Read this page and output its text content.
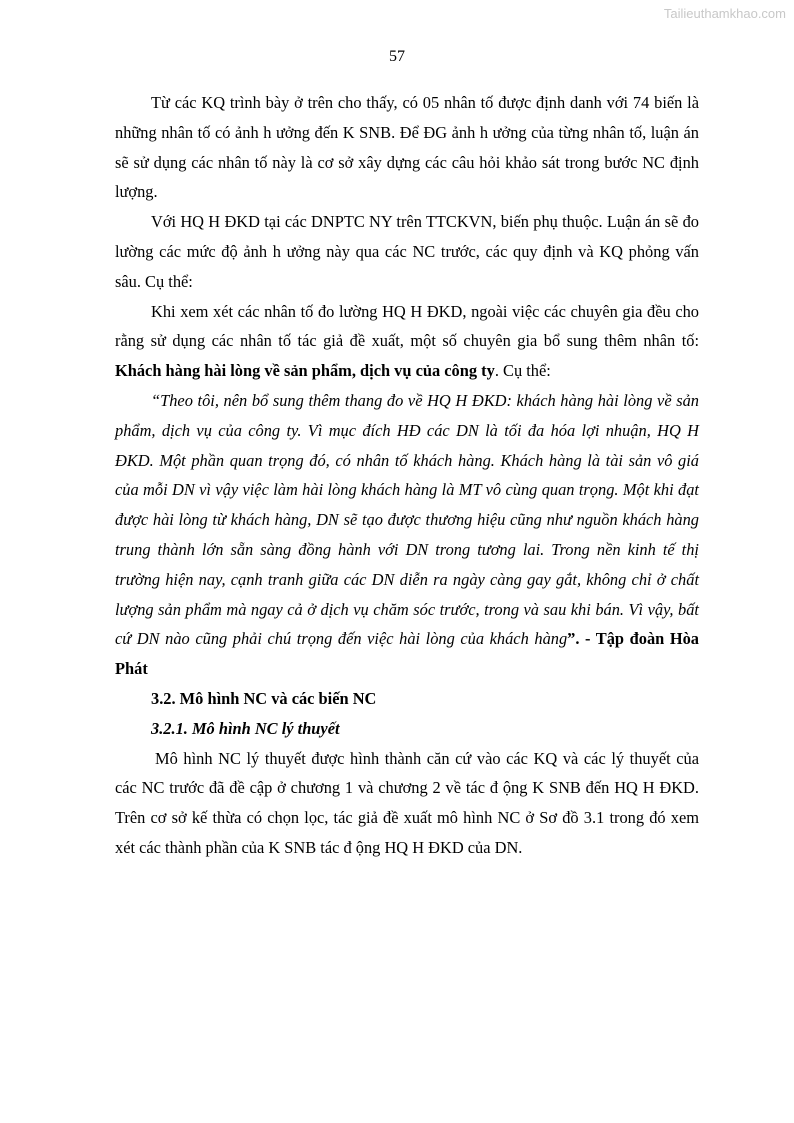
Tailieuthamkhao.com
57

Từ các KQ trình bày ở trên cho thấy, có 05 nhân tố được định danh với 74 biến là những nhân tố có ảnh h ưởng đến K SNB. Để ĐG ảnh h ưởng của từng nhân tố, luận án sẽ sử dụng các nhân tố này là cơ sở xây dựng các câu hỏi khảo sát trong bước NC định lượng.

Với HQ H ĐKD tại các DNPTC NY trên TTCKVN, biến phụ thuộc. Luận án sẽ đo lường các mức độ ảnh h ưởng này qua các NC trước, các quy định và KQ phỏng vấn sâu. Cụ thể:

Khi xem xét các nhân tố đo lường HQ H ĐKD, ngoài việc các chuyên gia đều cho rằng sử dụng các nhân tố tác giả đề xuất, một số chuyên gia bổ sung thêm nhân tố: Khách hàng hài lòng về sản phẩm, dịch vụ của công ty. Cụ thể:

“Theo tôi, nên bổ sung thêm thang đo về HQ H ĐKD: khách hàng hài lòng về sản phẩm, dịch vụ của công ty. Vì mục đích HĐ các DN là tối đa hóa lợi nhuận, HQ H ĐKD. Một phần quan trọng đó, có nhân tố khách hàng. Khách hàng là tài sản vô giá của mỗi DN vì vậy việc làm hài lòng khách hàng là MT vô cùng quan trọng. Một khi đạt được hài lòng từ khách hàng, DN sẽ tạo được thương hiệu cũng như nguồn khách hàng trung thành lớn sẵn sàng đồng hành với DN trong tương lai. Trong nền kinh tế thị trường hiện nay, cạnh tranh giữa các DN diễn ra ngày càng gay gắt, không chỉ ở chất lượng sản phẩm mà ngay cả ở dịch vụ chăm sóc trước, trong và sau khi bán. Vì vậy, bất cứ DN nào cũng phải chú trọng đến việc hài lòng của khách hàng”. - Tập đoàn Hòa Phát

3.2. Mô hình NC và các biến NC

3.2.1. Mô hình NC lý thuyết

Mô hình NC lý thuyết được hình thành căn cứ vào các KQ và các lý thuyết của các NC trước đã đề cập ở chương 1 và chương 2 về tác đ ộng K SNB đến HQ H ĐKD. Trên cơ sở kế thừa có chọn lọc, tác giả đề xuất mô hình NC ở Sơ đồ 3.1 trong đó xem xét các thành phần của K SNB tác đ ộng HQ H ĐKD của DN.
